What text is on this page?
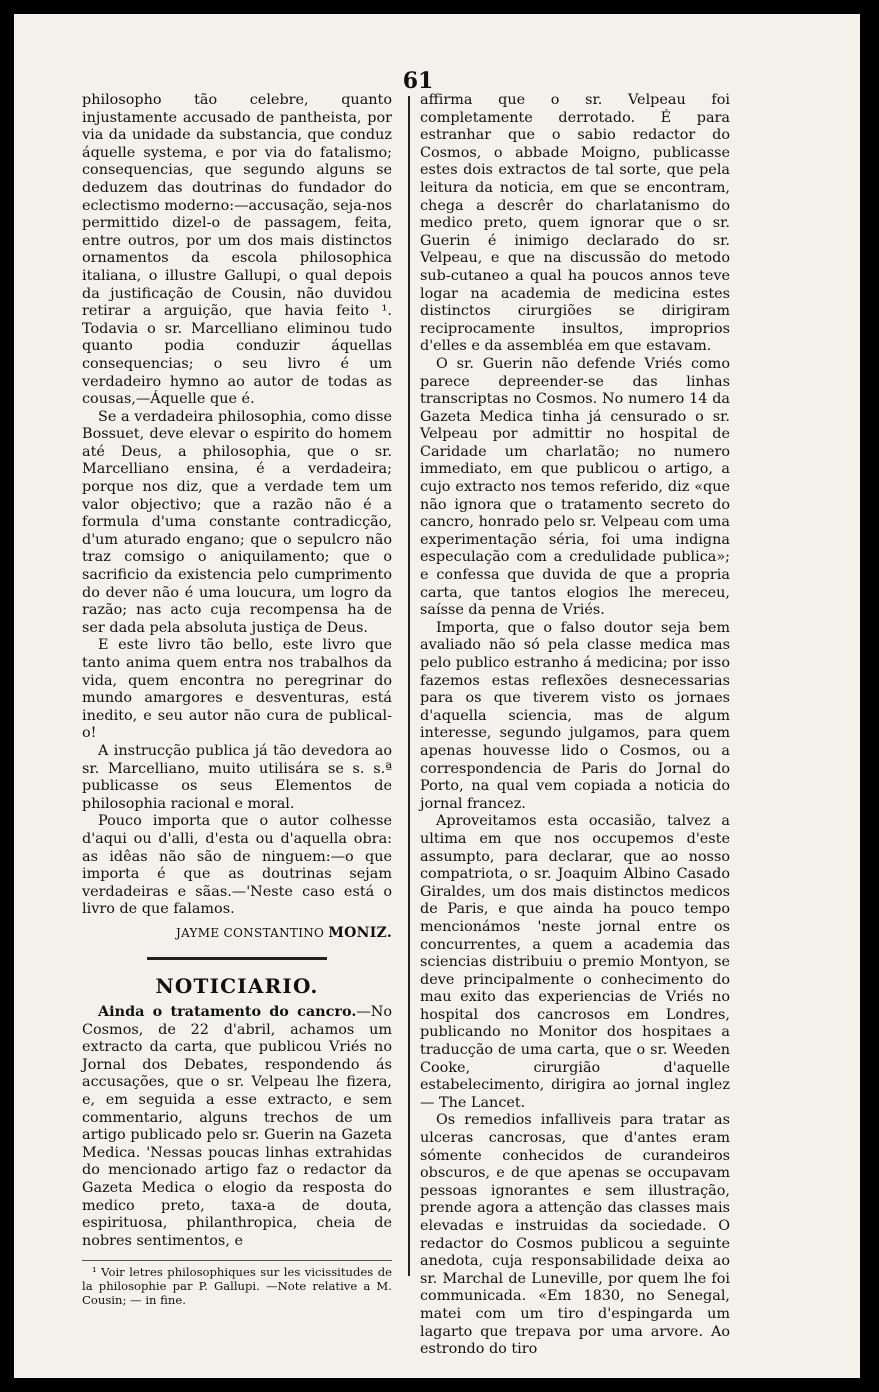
61

philosopho tão celebre, quanto injustamente accusado de pantheista, por via da unidade da substancia, que conduz áquelle systema, e por via do fatalismo; consequencias, que segundo alguns se deduzem das doutrinas do fundador do eclectismo moderno:—accusação, seja-nos permittido dizel-o de passagem, feita, entre outros, por um dos mais distinctos ornamentos da escola philosophica italiana, o illustre Gallupi, o qual depois da justificação de Cousin, não duvidou retirar a arguição, que havia feito ¹. Todavia o sr. Marcelliano eliminou tudo quanto podia conduzir áquellas consequencias; o seu livro é um verdadeiro hymno ao autor de todas as cousas,—Áquelle que é.

Se a verdadeira philosophia, como disse Bossuet, deve elevar o espirito do homem até Deus, a philosophia, que o sr. Marcelliano ensina, é a verdadeira; porque nos diz, que a verdade tem um valor objectivo; que a razão não é a formula d'uma constante contradicção, d'um aturado engano; que o sepulcro não traz comsigo o aniquilamento; que o sacrificio da existencia pelo cumprimento do dever não é uma loucura, um logro da razão; nas acto cuja recompensa ha de ser dada pela absoluta justiça de Deus.

E este livro tão bello, este livro que tanto anima quem entra nos trabalhos da vida, quem encontra no peregrinar do mundo amargores e desventuras, está inedito, e seu autor não cura de publical-o!

A instrucção publica já tão devedora ao sr. Marcelliano, muito utilisára se s. s.ª publicasse os seus Elementos de philosophia racional e moral.

Pouco importa que o autor colhesse d'aqui ou d'alli, d'esta ou d'aquella obra: as idêas não são de ninguem:—o que importa é que as doutrinas sejam verdadeiras e sãas.—'Neste caso está o livro de que falamos.

JAYME CONSTANTINO MONIZ.
NOTICIARIO.

Ainda o tratamento do cancro.—No Cosmos, de 22 d'abril, achamos um extracto da carta, que publicou Vriés no Jornal dos Debates, respondendo ás accusações, que o sr. Velpeau lhe fizera, e, em seguida a esse extracto, e sem commentario, alguns trechos de um artigo publicado pelo sr. Guerin na Gazeta Medica. 'Nessas poucas linhas extrahidas do mencionado artigo faz o redactor da Gazeta Medica o elogio da resposta do medico preto, taxa-a de douta, espirituosa, philanthropica, cheia de nobres sentimentos, e

¹ Voir letres philosophiques sur les vicissitudes de la philosophie par P. Gallupi. —Note relative a M. Cousin; — in fine.

affirma que o sr. Velpeau foi completamente derrotado. É para estranhar que o sabio redactor do Cosmos, o abbade Moigno, publicasse estes dois extractos de tal sorte, que pela leitura da noticia, em que se encontram, chega a descrêr do charlatanismo do medico preto, quem ignorar que o sr. Guerin é inimigo declarado do sr. Velpeau, e que na discussão do metodo sub-cutaneo a qual ha poucos annos teve logar na academia de medicina estes distinctos cirurgiões se dirigiram reciprocamente insultos, improprios d'elles e da assembléa em que estavam.

O sr. Guerin não defende Vriés como parece depreender-se das linhas transcriptas no Cosmos. No numero 14 da Gazeta Medica tinha já censurado o sr. Velpeau por admittir no hospital de Caridade um charlatão; no numero immediato, em que publicou o artigo, a cujo extracto nos temos referido, diz «que não ignora que o tratamento secreto do cancro, honrado pelo sr. Velpeau com uma experimentação séria, foi uma indigna especulação com a credulidade publica»; e confessa que duvida de que a propria carta, que tantos elogios lhe mereceu, saísse da penna de Vriés.

Importa, que o falso doutor seja bem avaliado não só pela classe medica mas pelo publico estranho á medicina; por isso fazemos estas reflexões desnecessarias para os que tiverem visto os jornaes d'aquella sciencia, mas de algum interesse, segundo julgamos, para quem apenas houvesse lido o Cosmos, ou a correspondencia de Paris do Jornal do Porto, na qual vem copiada a noticia do jornal francez.

Aproveitamos esta occasião, talvez a ultima em que nos occupemos d'este assumpto, para declarar, que ao nosso compatriota, o sr. Joaquim Albino Casado Giraldes, um dos mais distinctos medicos de Paris, e que ainda ha pouco tempo mencionámos 'neste jornal entre os concurrentes, a quem a academia das sciencias distribuiu o premio Montyon, se deve principalmente o conhecimento do mau exito das experiencias de Vriés no hospital dos cancrosos em Londres, publicando no Monitor dos hospitaes a traducção de uma carta, que o sr. Weeden Cooke, cirurgião d'aquelle estabelecimento, dirigira ao jornal inglez — The Lancet.

Os remedios infalliveis para tratar as ulceras cancrosas, que d'antes eram sómente conhecidos de curandeiros obscuros, e de que apenas se occupavam pessoas ignorantes e sem illustração, prende agora a attenção das classes mais elevadas e instruidas da sociedade. O redactor do Cosmos publicou a seguinte anedota, cuja responsabilidade deixa ao sr. Marchal de Luneville, por quem lhe foi communicada. «Em 1830, no Senegal, matei com um tiro d'espingarda um lagarto que trepava por uma arvore. Ao estrondo do tiro
